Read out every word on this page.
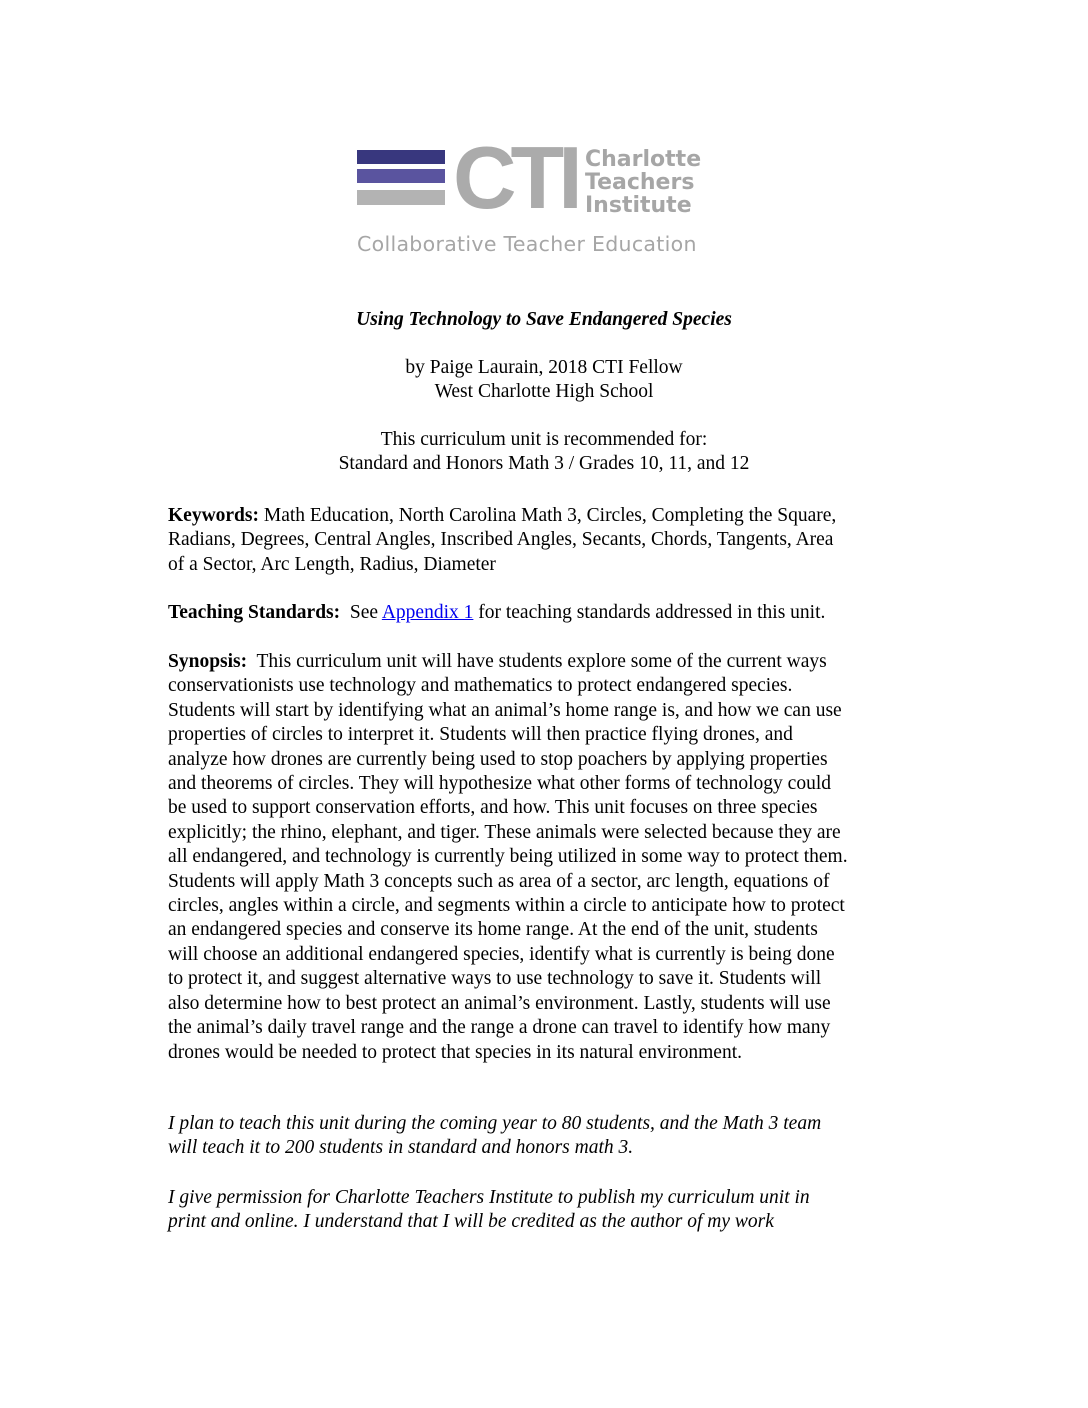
CTI Charlotte
Teachers
Institute
Collaborative Teacher Education
Using Technology to Save Endangered Species
by Paige Laurain, 2018 CTI Fellow
West Charlotte High School
This curriculum unit is recommended for:
Standard and Honors Math 3 / Grades 10, 11, and 12
Keywords: Math Education, North Carolina Math 3, Circles, Completing the Square,
Radians, Degrees, Central Angles, Inscribed Angles, Secants, Chords, Tangents, Area
of a Sector, Arc Length, Radius, Diameter
Teaching Standards:  See Appendix 1 for teaching standards addressed in this unit.
Synopsis:  This curriculum unit will have students explore some of the current ways
conservationists use technology and mathematics to protect endangered species.
Students will start by identifying what an animal’s home range is, and how we can use
properties of circles to interpret it. Students will then practice flying drones, and
analyze how drones are currently being used to stop poachers by applying properties
and theorems of circles. They will hypothesize what other forms of technology could
be used to support conservation efforts, and how. This unit focuses on three species
explicitly; the rhino, elephant, and tiger. These animals were selected because they are
all endangered, and technology is currently being utilized in some way to protect them.
Students will apply Math 3 concepts such as area of a sector, arc length, equations of
circles, angles within a circle, and segments within a circle to anticipate how to protect
an endangered species and conserve its home range. At the end of the unit, students
will choose an additional endangered species, identify what is currently is being done
to protect it, and suggest alternative ways to use technology to save it. Students will
also determine how to best protect an animal’s environment. Lastly, students will use
the animal’s daily travel range and the range a drone can travel to identify how many
drones would be needed to protect that species in its natural environment.
I plan to teach this unit during the coming year to 80 students, and the Math 3 team
will teach it to 200 students in standard and honors math 3.
I give permission for Charlotte Teachers Institute to publish my curriculum unit in
print and online. I understand that I will be credited as the author of my work
